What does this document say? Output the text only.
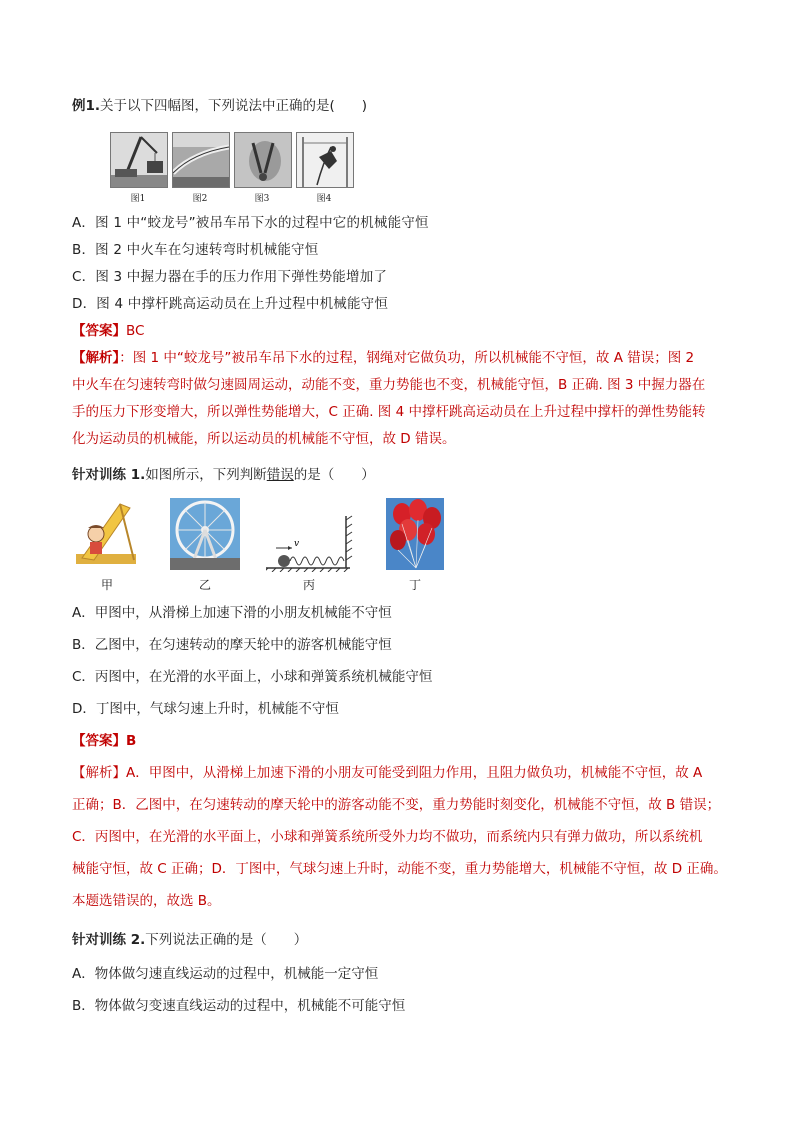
例1.关于以下四幅图，下列说法中正确的是(　　)
图1	图2	图3	图4
A．图 1 中“蛟龙号”被吊车吊下水的过程中它的机械能守恒
B．图 2 中火车在匀速转弯时机械能守恒
C．图 3 中握力器在手的压力作用下弹性势能增加了
D．图 4 中撑杆跳高运动员在上升过程中机械能守恒
【答案】BC
【解析】：图 1 中“蛟龙号”被吊车吊下水的过程，钢绳对它做负功，所以机械能不守恒，故 A 错误；图 2
中火车在匀速转弯时做匀速圆周运动，动能不变，重力势能也不变，机械能守恒，B 正确. 图 3 中握力器在
手的压力下形变增大，所以弹性势能增大，C 正确. 图 4 中撑杆跳高运动员在上升过程中撑杆的弹性势能转
化为运动员的机械能，所以运动员的机械能不守恒，故 D 错误。
针对训练 1.如图所示，下列判断错误的是（　　）
v
甲	乙	丙	丁
A．甲图中，从滑梯上加速下滑的小朋友机械能不守恒
B．乙图中，在匀速转动的摩天轮中的游客机械能守恒
C．丙图中，在光滑的水平面上，小球和弹簧系统机械能守恒
D．丁图中，气球匀速上升时，机械能不守恒
【答案】B
【解析】A．甲图中，从滑梯上加速下滑的小朋友可能受到阻力作用，且阻力做负功，机械能不守恒，故 A
正确；B．乙图中，在匀速转动的摩天轮中的游客动能不变，重力势能时刻变化，机械能不守恒，故 B 错误；
C．丙图中，在光滑的水平面上，小球和弹簧系统所受外力均不做功，而系统内只有弹力做功，所以系统机
械能守恒，故 C 正确；D．丁图中，气球匀速上升时，动能不变，重力势能增大，机械能不守恒，故 D 正确。
本题选错误的，故选 B。
针对训练 2.下列说法正确的是（　　）
A．物体做匀速直线运动的过程中，机械能一定守恒
B．物体做匀变速直线运动的过程中，机械能不可能守恒
